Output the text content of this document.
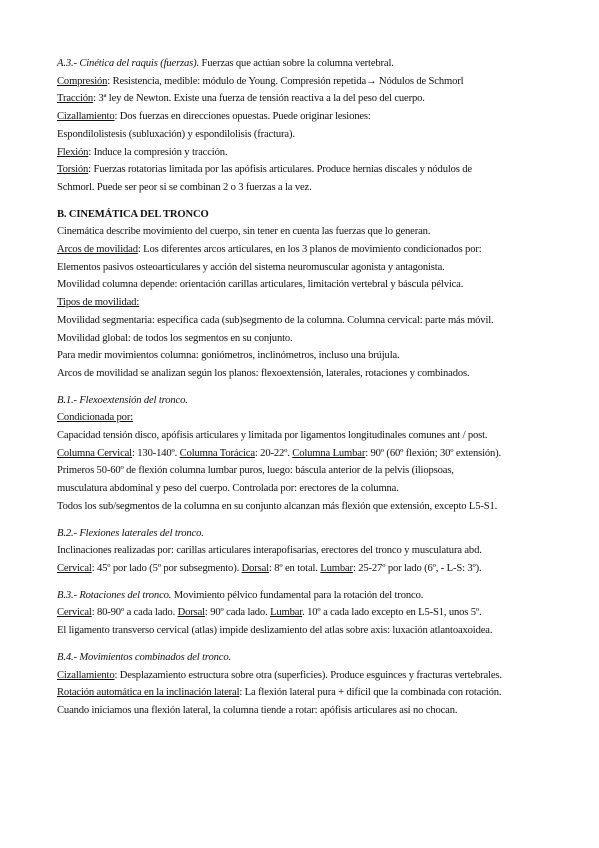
A.3.- Cinética del raquis (fuerzas). Fuerzas que actúan sobre la columna vertebral.
Compresión: Resistencia, medible: módulo de Young. Compresión repetida→ Nódulos de Schmorl
Tracción: 3ª ley de Newton. Existe una fuerza de tensión reactiva a la del peso del cuerpo.
Cizallamiento: Dos fuerzas en direcciones opuestas. Puede originar lesiones:
Espondilolistesis (subluxación) y espondilolisis (fractura).
Flexión: Induce la compresión y tracción.
Torsión: Fuerzas rotatorias limitada por las apófisis articulares. Produce hernias discales y nódulos de
Schmorl. Puede ser peor si se combinan 2 o 3 fuerzas a la vez.
B. CINEMÁTICA DEL TRONCO
Cinemática describe movimiento del cuerpo, sin tener en cuenta las fuerzas que lo generan.
Arcos de movilidad: Los diferentes arcos articulares, en los 3 planos de movimiento condicionados por:
Elementos pasivos osteoarticulares y acción del sistema neuromuscular agonista y antagonista.
Movilidad columna depende: orientación carillas articulares, limitación vertebral y báscula pélvica.
Tipos de movilidad:
Movilidad segmentaria: específica cada (sub)segmento de la columna. Columna cervical: parte más móvil.
Movilidad global: de todos los segmentos en su conjunto.
Para medir movimientos columna: goniómetros, inclinómetros, incluso una brújula.
Arcos de movilidad se analizan según los planos: flexoextensión, laterales, rotaciones y combinados.
B.1.- Flexoextensión del tronco.
Condicionada por:
Capacidad tensión disco, apófisis articulares y limitada por ligamentos longitudinales comunes ant / post.
Columna Cervical: 130-140º. Columna Torácica: 20-22º. Columna Lumbar: 90º (60º flexión; 30º extensión).
Primeros 50-60º de flexión columna lumbar puros, luego: báscula anterior de la pelvis (iliopsoas,
musculatura abdominal y peso del cuerpo. Controlada por: erectores de la columna.
Todos los sub/segmentos de la columna en su conjunto alcanzan más flexión que extensión, excepto L5-S1.
B.2.- Flexiones laterales del tronco.
Inclinaciones realizadas por: carillas articulares interapofisarias, erectores del tronco y musculatura abd.
Cervical: 45º por lado (5º por subsegmento). Dorsal: 8º en total. Lumbar: 25-27º por lado (6º, - L-S: 3º).
B.3.- Rotaciones del tronco. Movimiento pélvico fundamental para la rotación del tronco.
Cervical: 80-90º a cada lado. Dorsal: 90º cada lado. Lumbar. 10º a cada lado excepto en L5-S1, unos 5º.
El ligamento transverso cervical (atlas) impide deslizamiento del atlas sobre axis: luxación atlantoaxoidea.
B.4.- Movimientos combinados del tronco.
Cizallamiento: Desplazamiento estructura sobre otra (superficies). Produce esguinces y fracturas vertebrales.
Rotación automática en la inclinación lateral: La flexión lateral pura + difícil que la combinada con rotación.
Cuando iniciamos una flexión lateral, la columna tiende a rotar: apófisis articulares así no chocan.
